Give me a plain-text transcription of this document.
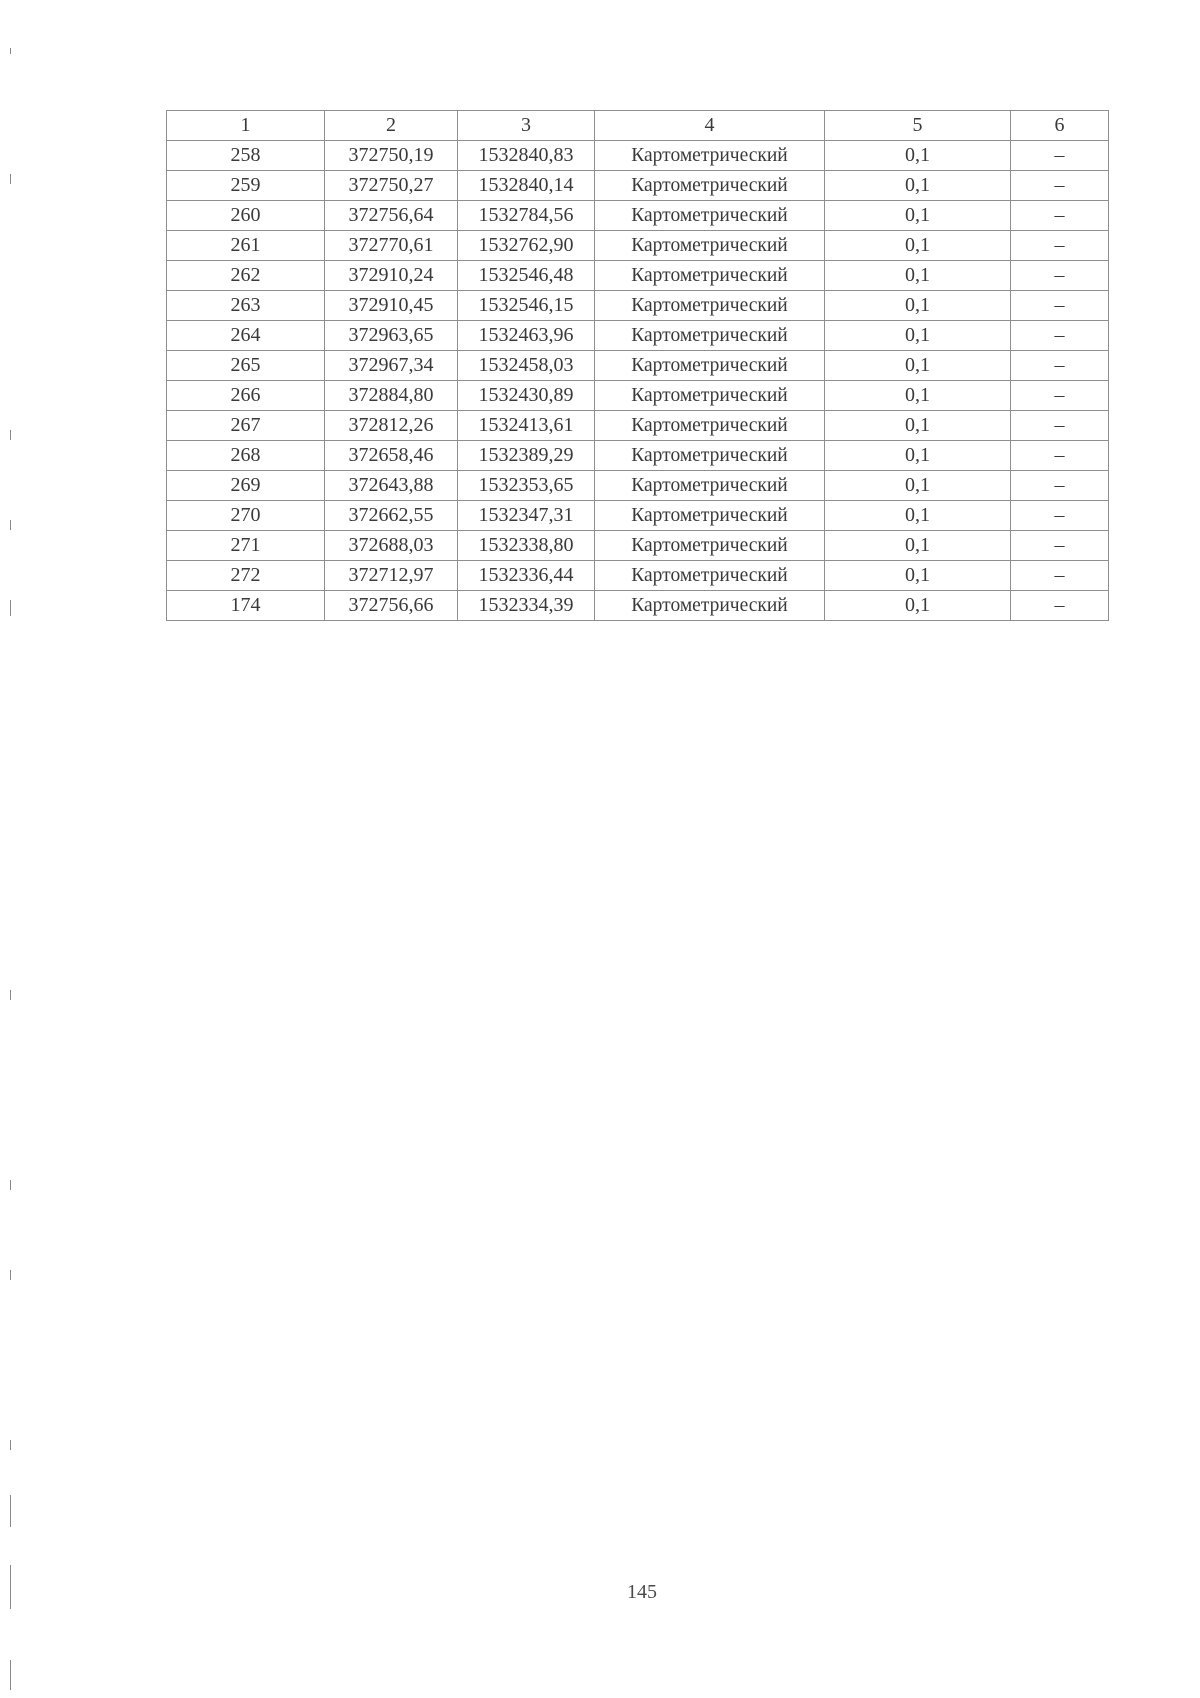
1	2	3	4	5	6
258	372750,19	1532840,83	Картометрический	0,1	–
259	372750,27	1532840,14	Картометрический	0,1	–
260	372756,64	1532784,56	Картометрический	0,1	–
261	372770,61	1532762,90	Картометрический	0,1	–
262	372910,24	1532546,48	Картометрический	0,1	–
263	372910,45	1532546,15	Картометрический	0,1	–
264	372963,65	1532463,96	Картометрический	0,1	–
265	372967,34	1532458,03	Картометрический	0,1	–
266	372884,80	1532430,89	Картометрический	0,1	–
267	372812,26	1532413,61	Картометрический	0,1	–
268	372658,46	1532389,29	Картометрический	0,1	–
269	372643,88	1532353,65	Картометрический	0,1	–
270	372662,55	1532347,31	Картометрический	0,1	–
271	372688,03	1532338,80	Картометрический	0,1	–
272	372712,97	1532336,44	Картометрический	0,1	–
174	372756,66	1532334,39	Картометрический	0,1	–
145
